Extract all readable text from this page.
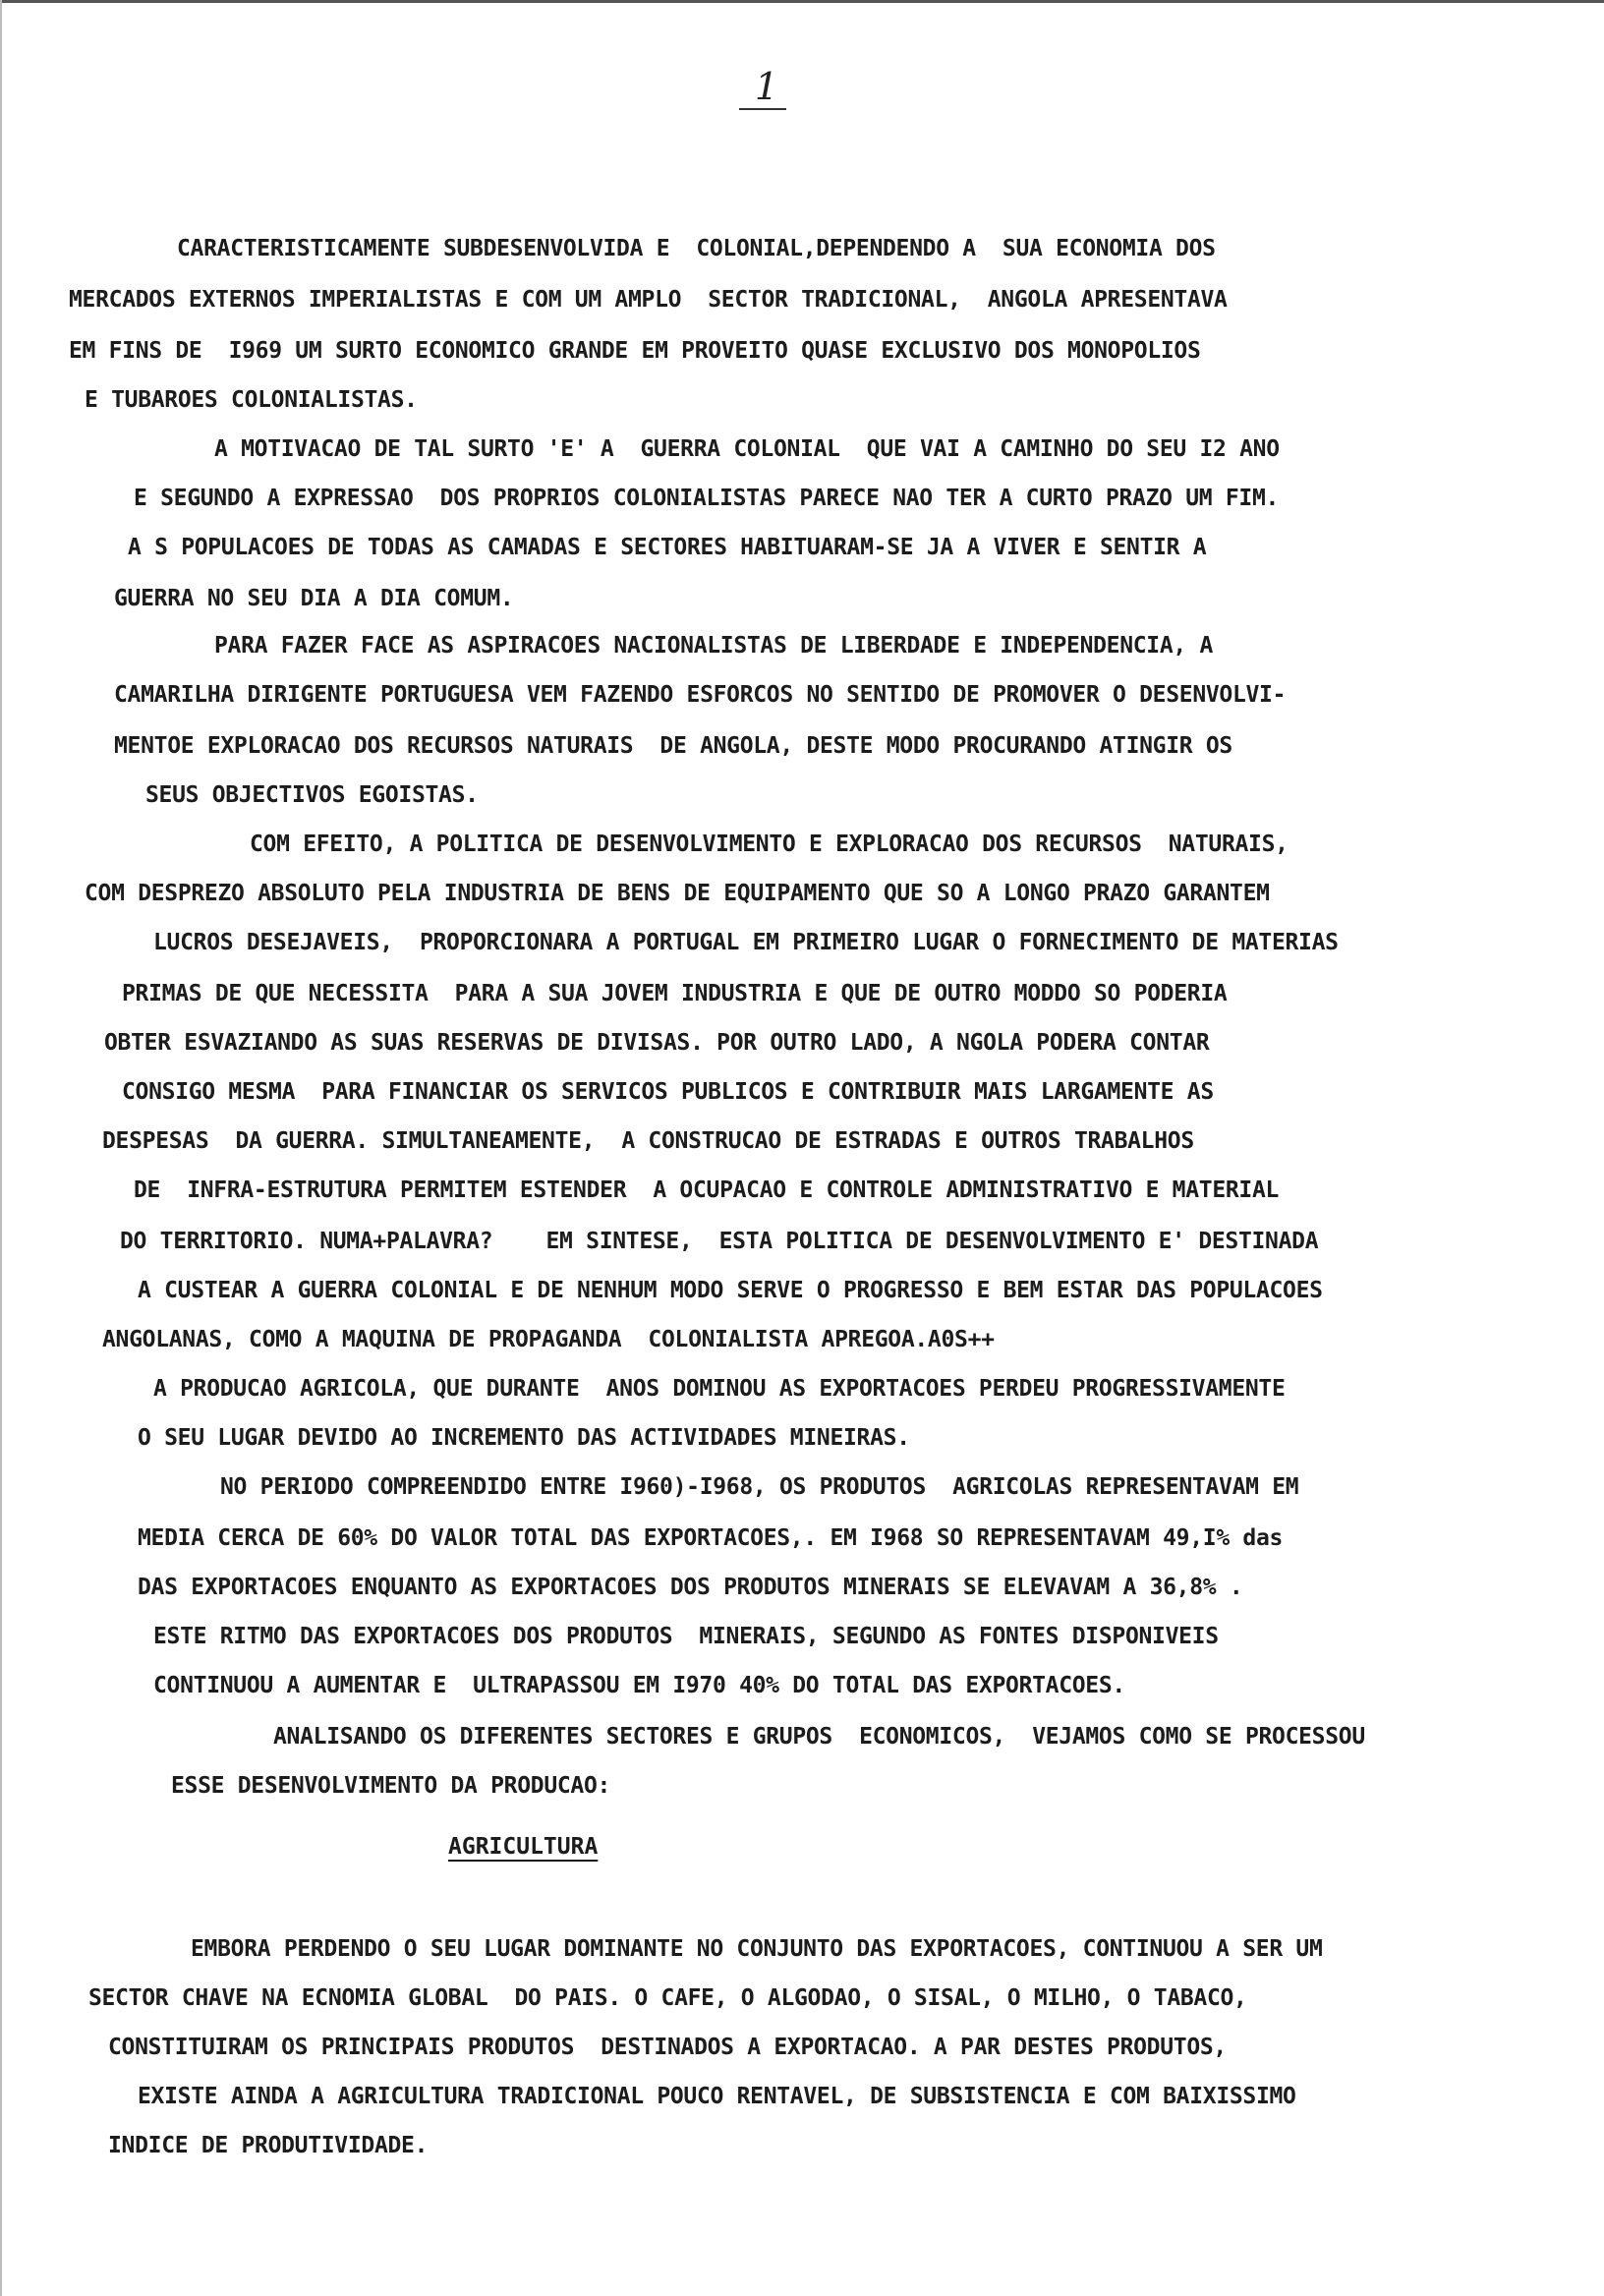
1
CARACTERISTICAMENTE SUBDESENVOLVIDA E  COLONIAL,DEPENDENDO A  SUA ECONOMIA DOS
MERCADOS EXTERNOS IMPERIALISTAS E COM UM AMPLO  SECTOR TRADICIONAL,  ANGOLA APRESENTAVA
EM FINS DE  I969 UM SURTO ECONOMICO GRANDE EM PROVEITO QUASE EXCLUSIVO DOS MONOPOLIOS
E TUBAROES COLONIALISTAS.
A MOTIVACAO DE TAL SURTO 'E' A  GUERRA COLONIAL  QUE VAI A CAMINHO DO SEU I2 ANO
E SEGUNDO A EXPRESSAO  DOS PROPRIOS COLONIALISTAS PARECE NAO TER A CURTO PRAZO UM FIM.
A S POPULACOES DE TODAS AS CAMADAS E SECTORES HABITUARAM-SE JA A VIVER E SENTIR A
GUERRA NO SEU DIA A DIA COMUM.
PARA FAZER FACE AS ASPIRACOES NACIONALISTAS DE LIBERDADE E INDEPENDENCIA, A
CAMARILHA DIRIGENTE PORTUGUESA VEM FAZENDO ESFORCOS NO SENTIDO DE PROMOVER O DESENVOLVI-
MENTOE EXPLORACAO DOS RECURSOS NATURAIS  DE ANGOLA, DESTE MODO PROCURANDO ATINGIR OS
SEUS OBJECTIVOS EGOISTAS.
COM EFEITO, A POLITICA DE DESENVOLVIMENTO E EXPLORACAO DOS RECURSOS  NATURAIS,
COM DESPREZO ABSOLUTO PELA INDUSTRIA DE BENS DE EQUIPAMENTO QUE SO A LONGO PRAZO GARANTEM
LUCROS DESEJAVEIS,  PROPORCIONARA A PORTUGAL EM PRIMEIRO LUGAR O FORNECIMENTO DE MATERIAS
PRIMAS DE QUE NECESSITA  PARA A SUA JOVEM INDUSTRIA E QUE DE OUTRO MODDO SO PODERIA
OBTER ESVAZIANDO AS SUAS RESERVAS DE DIVISAS. POR OUTRO LADO, A NGOLA PODERA CONTAR
CONSIGO MESMA  PARA FINANCIAR OS SERVICOS PUBLICOS E CONTRIBUIR MAIS LARGAMENTE AS
DESPESAS  DA GUERRA. SIMULTANEAMENTE,  A CONSTRUCAO DE ESTRADAS E OUTROS TRABALHOS
DE  INFRA-ESTRUTURA PERMITEM ESTENDER  A OCUPACAO E CONTROLE ADMINISTRATIVO E MATERIAL
DO TERRITORIO. NUMA+PALAVRA?    EM SINTESE,  ESTA POLITICA DE DESENVOLVIMENTO E' DESTINADA
A CUSTEAR A GUERRA COLONIAL E DE NENHUM MODO SERVE O PROGRESSO E BEM ESTAR DAS POPULACOES
ANGOLANAS, COMO A MAQUINA DE PROPAGANDA  COLONIALISTA APREGOA.A0S++
A PRODUCAO AGRICOLA, QUE DURANTE  ANOS DOMINOU AS EXPORTACOES PERDEU PROGRESSIVAMENTE
O SEU LUGAR DEVIDO AO INCREMENTO DAS ACTIVIDADES MINEIRAS.
NO PERIODO COMPREENDIDO ENTRE I960)-I968, OS PRODUTOS  AGRICOLAS REPRESENTAVAM EM
MEDIA CERCA DE 60% DO VALOR TOTAL DAS EXPORTACOES,. EM I968 SO REPRESENTAVAM 49,I% das
DAS EXPORTACOES ENQUANTO AS EXPORTACOES DOS PRODUTOS MINERAIS SE ELEVAVAM A 36,8% .
ESTE RITMO DAS EXPORTACOES DOS PRODUTOS  MINERAIS, SEGUNDO AS FONTES DISPONIVEIS
CONTINUOU A AUMENTAR E  ULTRAPASSOU EM I970 40% DO TOTAL DAS EXPORTACOES.
ANALISANDO OS DIFERENTES SECTORES E GRUPOS  ECONOMICOS,  VEJAMOS COMO SE PROCESSOU
ESSE DESENVOLVIMENTO DA PRODUCAO:
AGRICULTURA
EMBORA PERDENDO O SEU LUGAR DOMINANTE NO CONJUNTO DAS EXPORTACOES, CONTINUOU A SER UM
SECTOR CHAVE NA ECNOMIA GLOBAL  DO PAIS. O CAFE, O ALGODAO, O SISAL, O MILHO, O TABACO,
CONSTITUIRAM OS PRINCIPAIS PRODUTOS  DESTINADOS A EXPORTACAO. A PAR DESTES PRODUTOS,
EXISTE AINDA A AGRICULTURA TRADICIONAL POUCO RENTAVEL, DE SUBSISTENCIA E COM BAIXISSIMO
INDICE DE PRODUTIVIDADE.
